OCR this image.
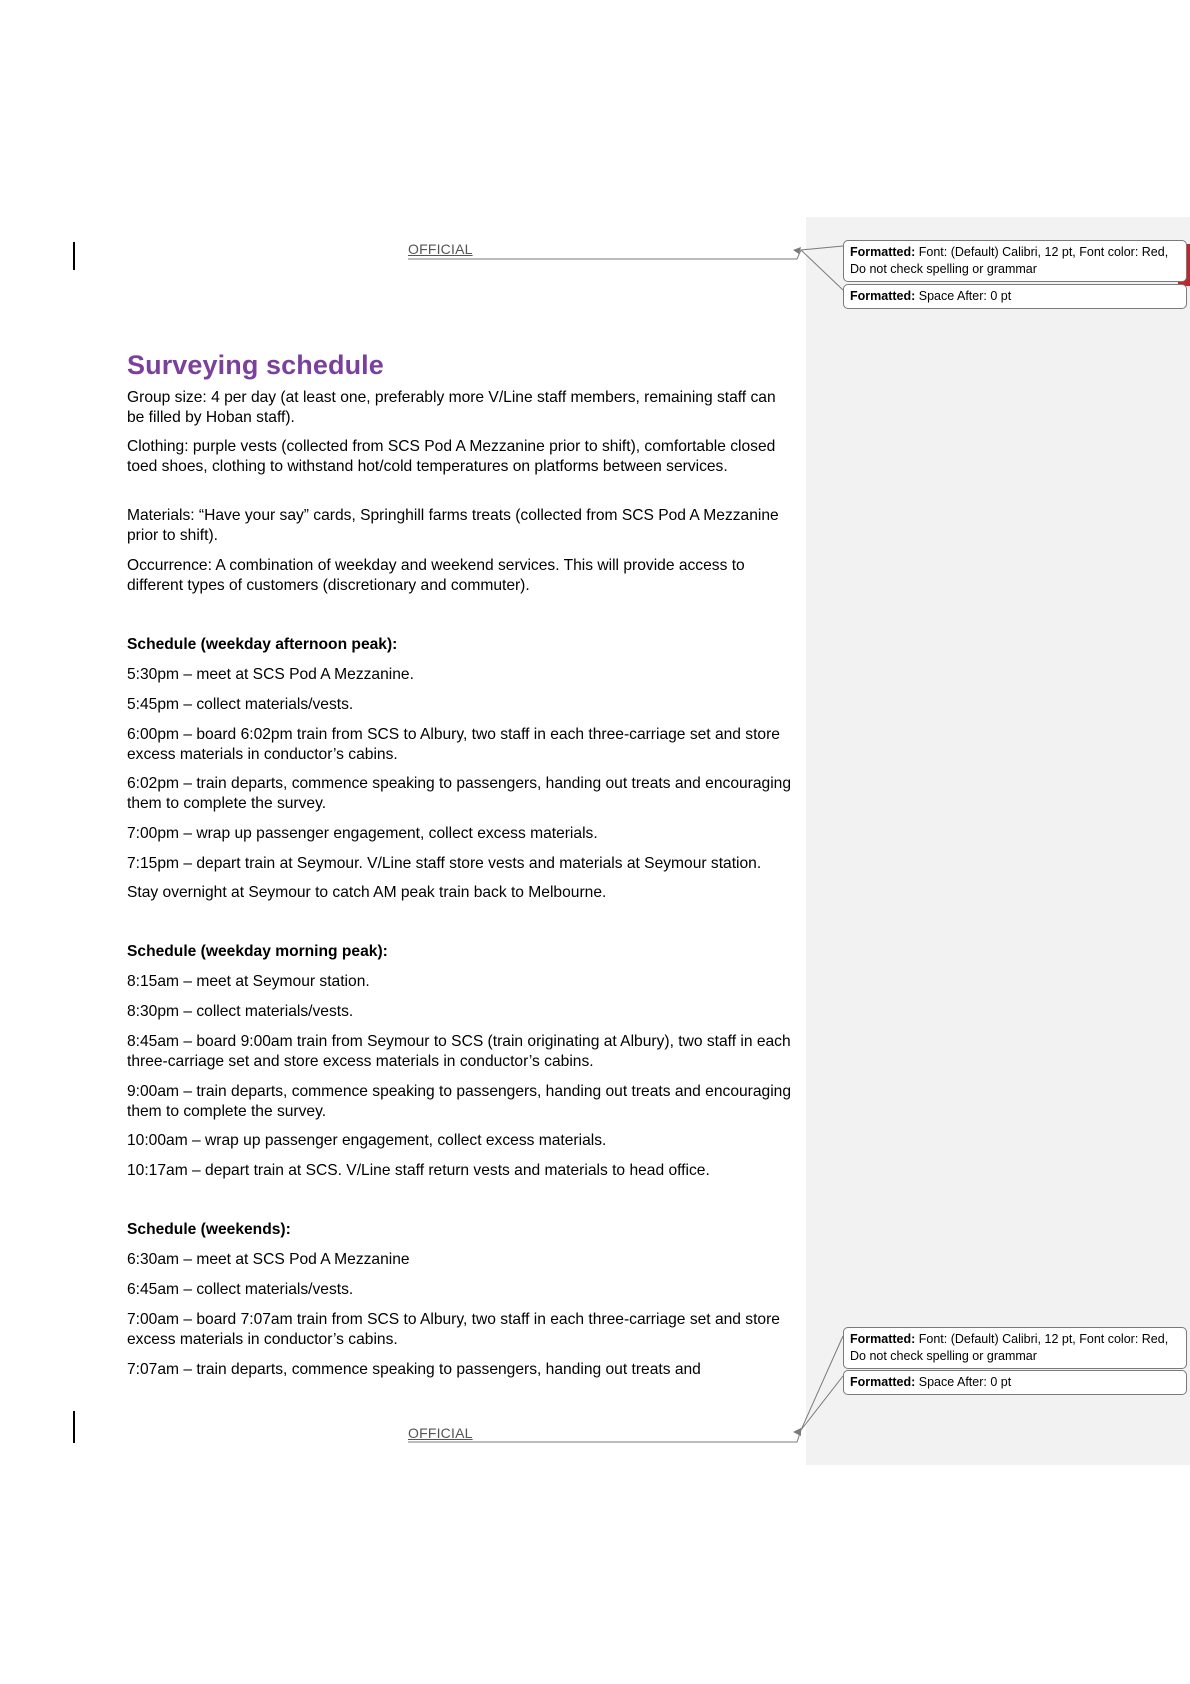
OFFICIAL
OFFICIAL
Formatted: Font: (Default) Calibri, 12 pt, Font color: Red, Do not check spelling or grammar
Formatted: Space After: 0 pt
Formatted: Font: (Default) Calibri, 12 pt, Font color: Red, Do not check spelling or grammar
Formatted: Space After: 0 pt
Surveying schedule

Group size: 4 per day (at least one, preferably more V/Line staff members, remaining staff can be filled by Hoban staff).

Clothing: purple vests (collected from SCS Pod A Mezzanine prior to shift), comfortable closed toed shoes, clothing to withstand hot/cold temperatures on platforms between services.

Materials: “Have your say” cards, Springhill farms treats (collected from SCS Pod A Mezzanine prior to shift).

Occurrence: A combination of weekday and weekend services. This will provide access to different types of customers (discretionary and commuter).

Schedule (weekday afternoon peak):

5:30pm – meet at SCS Pod A Mezzanine.

5:45pm – collect materials/vests.

6:00pm – board 6:02pm train from SCS to Albury, two staff in each three-carriage set and store excess materials in conductor’s cabins.

6:02pm – train departs, commence speaking to passengers, handing out treats and encouraging them to complete the survey.

7:00pm – wrap up passenger engagement, collect excess materials.

7:15pm – depart train at Seymour. V/Line staff store vests and materials at Seymour station.

Stay overnight at Seymour to catch AM peak train back to Melbourne.

Schedule (weekday morning peak):

8:15am – meet at Seymour station.

8:30pm – collect materials/vests.

8:45am – board 9:00am train from Seymour to SCS (train originating at Albury), two staff in each three-carriage set and store excess materials in conductor’s cabins.

9:00am – train departs, commence speaking to passengers, handing out treats and encouraging them to complete the survey.

10:00am – wrap up passenger engagement, collect excess materials.

10:17am – depart train at SCS. V/Line staff return vests and materials to head office.

Schedule (weekends):

6:30am – meet at SCS Pod A Mezzanine

6:45am – collect materials/vests.

7:00am – board 7:07am train from SCS to Albury, two staff in each three-carriage set and store excess materials in conductor’s cabins.

7:07am – train departs, commence speaking to passengers, handing out treats and
